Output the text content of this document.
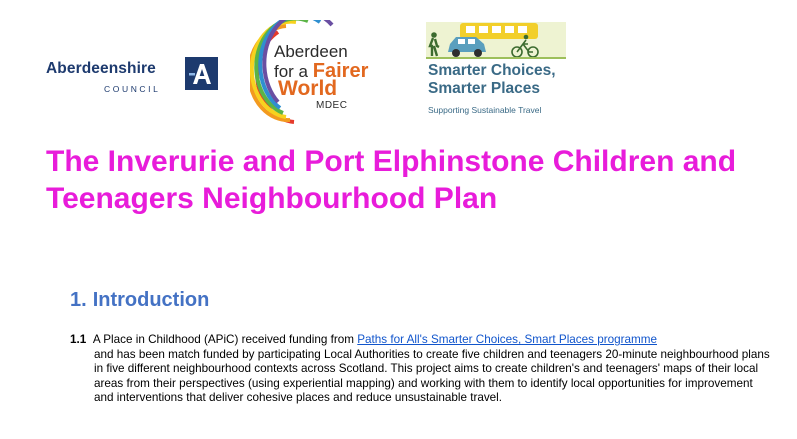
Aberdeenshire
COUNCIL
Aberdeen
for a Fairer
World
MDEC
Smarter Choices,
Smarter Places
Supporting Sustainable Travel
The Inverurie and Port Elphinstone Children and Teenagers Neighbourhood Plan
1. Introduction
1.1 A Place in Childhood (APiC) received funding from Paths for All's Smarter Choices, Smart Places programme
and has been match funded by participating Local Authorities to create five children and teenagers 20-minute neighbourhood plans in five different neighbourhood contexts across Scotland. This project aims to create children's and teenagers' maps of their local areas from their perspectives (using experiential mapping) and working with them to identify local opportunities for improvement and interventions that deliver cohesive places and reduce unsustainable travel.
